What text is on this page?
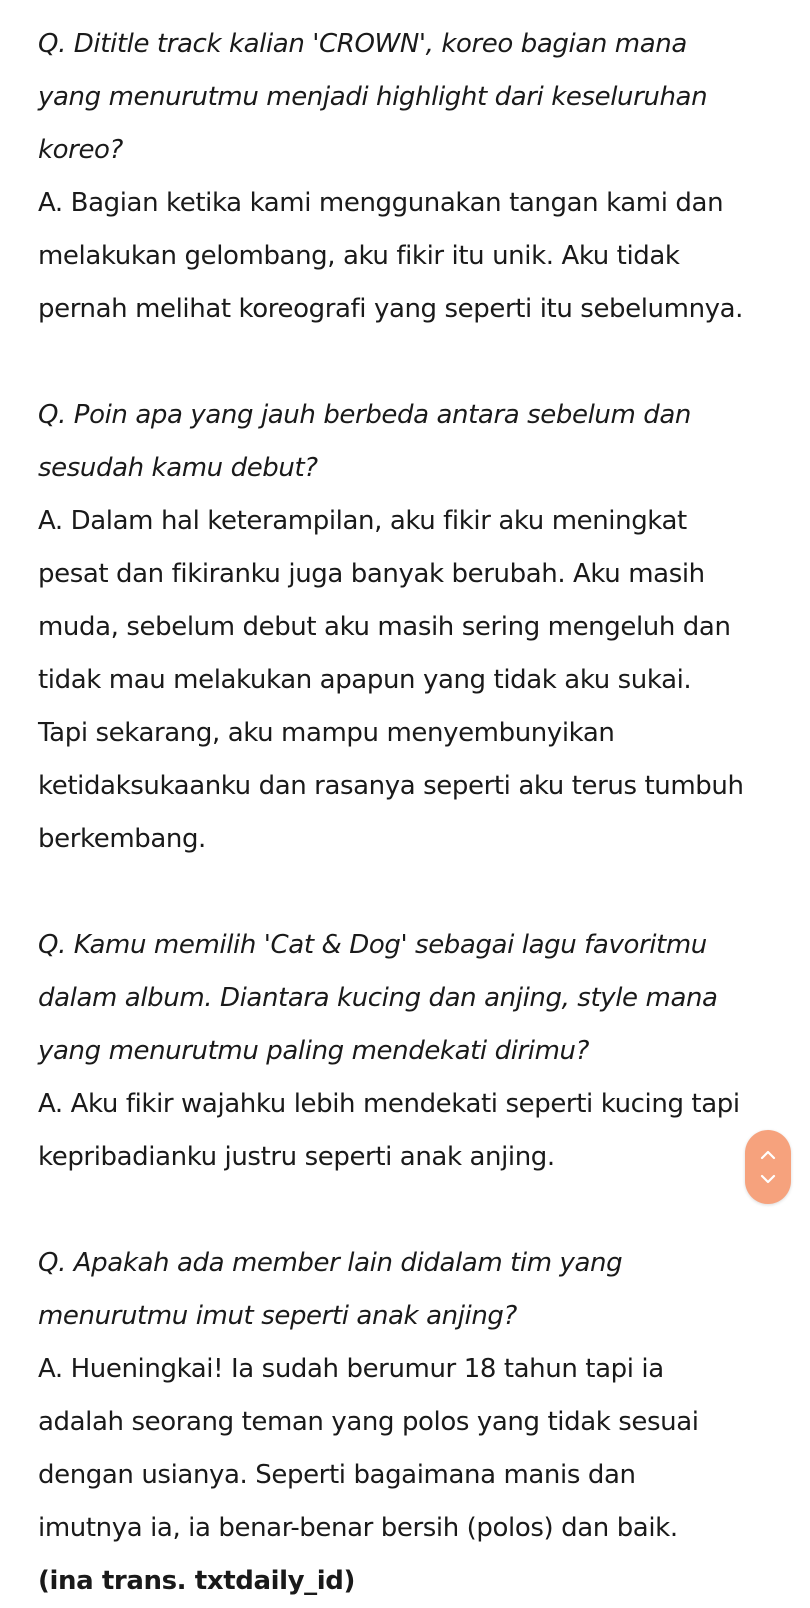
Q. Dititle track kalian 'CROWN', koreo bagian mana
yang menurutmu menjadi highlight dari keseluruhan
koreo?

A. Bagian ketika kami menggunakan tangan kami dan
melakukan gelombang, aku fikir itu unik. Aku tidak
pernah melihat koreografi yang seperti itu sebelumnya.

Q. Poin apa yang jauh berbeda antara sebelum dan
sesudah kamu debut?

A. Dalam hal keterampilan, aku fikir aku meningkat
pesat dan fikiranku juga banyak berubah. Aku masih
muda, sebelum debut aku masih sering mengeluh dan
tidak mau melakukan apapun yang tidak aku sukai.
Tapi sekarang, aku mampu menyembunyikan
ketidaksukaanku dan rasanya seperti aku terus tumbuh
berkembang.

Q. Kamu memilih 'Cat & Dog' sebagai lagu favoritmu
dalam album. Diantara kucing dan anjing, style mana
yang menurutmu paling mendekati dirimu?

A. Aku fikir wajahku lebih mendekati seperti kucing tapi
kepribadianku justru seperti anak anjing.

Q. Apakah ada member lain didalam tim yang
menurutmu imut seperti anak anjing?

A. Hueningkai! Ia sudah berumur 18 tahun tapi ia
adalah seorang teman yang polos yang tidak sesuai
dengan usianya. Seperti bagaimana manis dan
imutnya ia, ia benar-benar bersih (polos) dan baik.

(ina trans. txtdaily_id)
